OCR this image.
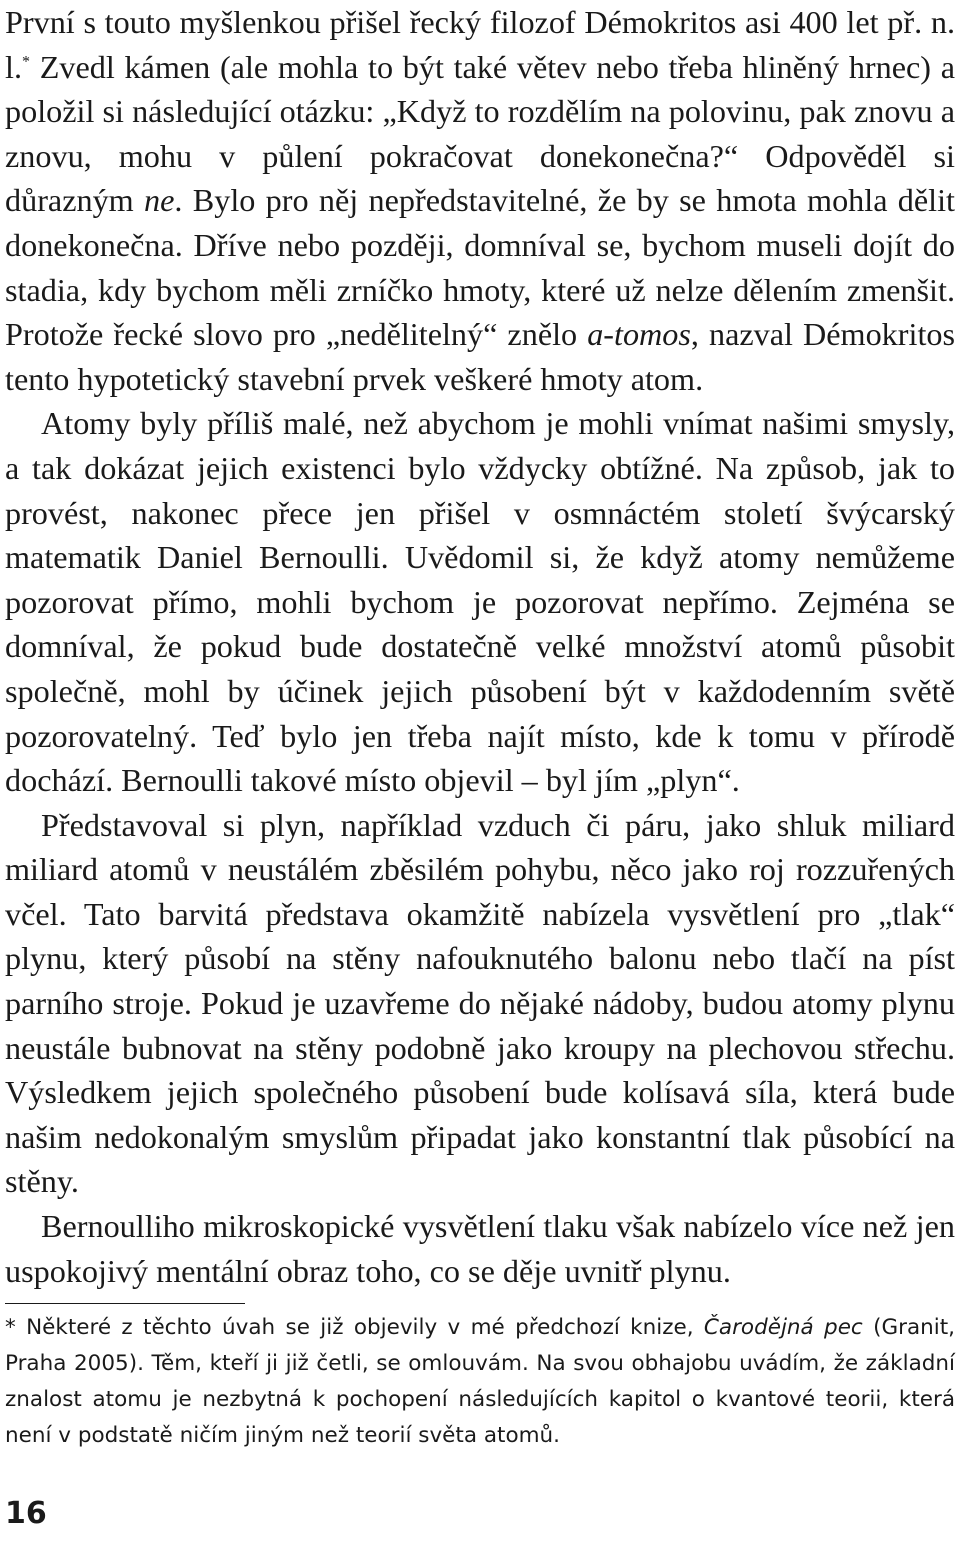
První s touto myšlenkou přišel řecký filozof Démokritos asi 400 let př. n. l.* Zvedl kámen (ale mohla to být také větev nebo třeba hliněný hrnec) a položil si následující otázku: „Když to rozdělím na polovinu, pak znovu a znovu, mohu v půlení pokračovat donekonečna?“ Odpověděl si důrazným ne. Bylo pro něj nepředstavitelné, že by se hmota mohla dělit donekonečna. Dříve nebo později, domníval se, bychom museli dojít do stadia, kdy bychom měli zrníčko hmoty, které už nelze dělením zmenšit. Protože řecké slovo pro „nedělitelný“ znělo a-tomos, nazval Démokritos tento hypotetický stavební prvek veškeré hmoty atom.

Atomy byly příliš malé, než abychom je mohli vnímat našimi smysly, a tak dokázat jejich existenci bylo vždycky obtížné. Na způsob, jak to provést, nakonec přece jen přišel v osmnáctém století švýcarský matematik Daniel Bernoulli. Uvědomil si, že když atomy nemůžeme pozorovat přímo, mohli bychom je pozorovat nepřímo. Zejména se domníval, že pokud bude dostatečně velké množství atomů působit společně, mohl by účinek jejich působení být v každodenním světě pozorovatelný. Teď bylo jen třeba najít místo, kde k tomu v přírodě dochází. Bernoulli takové místo objevil – byl jím „plyn“.

Představoval si plyn, například vzduch či páru, jako shluk miliard miliard atomů v neustálém zběsilém pohybu, něco jako roj rozzuřených včel. Tato barvitá představa okamžitě nabízela vysvětlení pro „tlak“ plynu, který působí na stěny nafouknutého balonu nebo tlačí na píst parního stroje. Pokud je uzavřeme do nějaké nádoby, budou atomy plynu neustále bubnovat na stěny podobně jako kroupy na plechovou střechu. Výsledkem jejich společného působení bude kolísavá síla, která bude našim nedokonalým smyslům připadat jako konstantní tlak působící na stěny.

Bernoulliho mikroskopické vysvětlení tlaku však nabízelo více než jen uspokojivý mentální obraz toho, co se děje uvnitř plynu.

* Některé z těchto úvah se již objevily v mé předchozí knize, Čarodějná pec (Granit, Praha 2005). Těm, kteří ji již četli, se omlouvám. Na svou obhajobu uvádím, že základní znalost atomu je nezbytná k pochopení následujících kapitol o kvantové teorii, která není v podstatě ničím jiným než teorií světa atomů.

16
